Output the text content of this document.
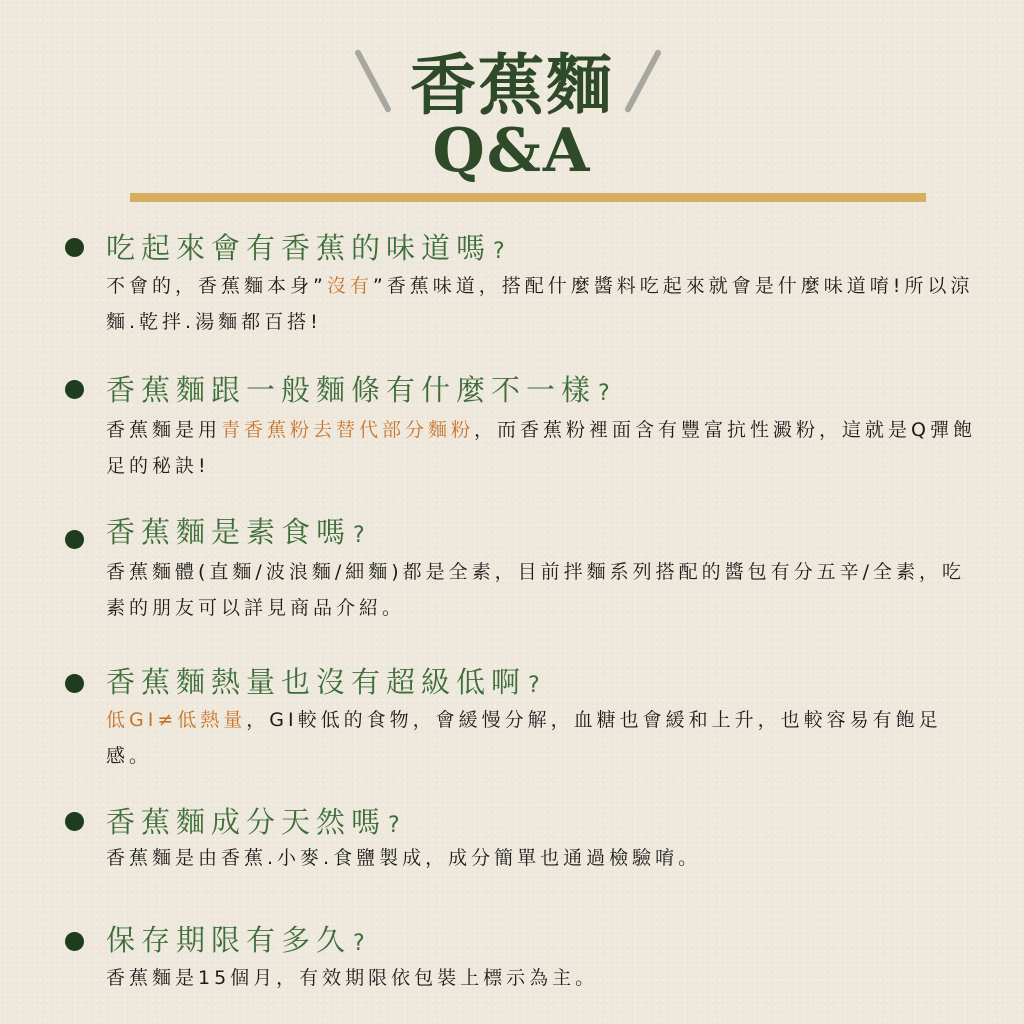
香蕉麵
Q&A
吃起來會有香蕉的味道嗎?
不會的，香蕉麵本身”沒有”香蕉味道，搭配什麼醬料吃起來就會是什麼味道唷!所以涼麵.乾拌.湯麵都百搭!
香蕉麵跟一般麵條有什麼不一樣?
香蕉麵是用青香蕉粉去替代部分麵粉，而香蕉粉裡面含有豐富抗性澱粉，這就是Q彈飽足的秘訣!
香蕉麵是素食嗎?
香蕉麵體(直麵/波浪麵/細麵)都是全素，目前拌麵系列搭配的醬包有分五辛/全素，吃素的朋友可以詳見商品介紹。
香蕉麵熱量也沒有超級低啊?
低GI≠低熱量，GI較低的食物，會緩慢分解，血糖也會緩和上升，也較容易有飽足感。
香蕉麵成分天然嗎?
香蕉麵是由香蕉.小麥.食鹽製成，成分簡單也通過檢驗唷。
保存期限有多久?
香蕉麵是15個月，有效期限依包裝上標示為主。
